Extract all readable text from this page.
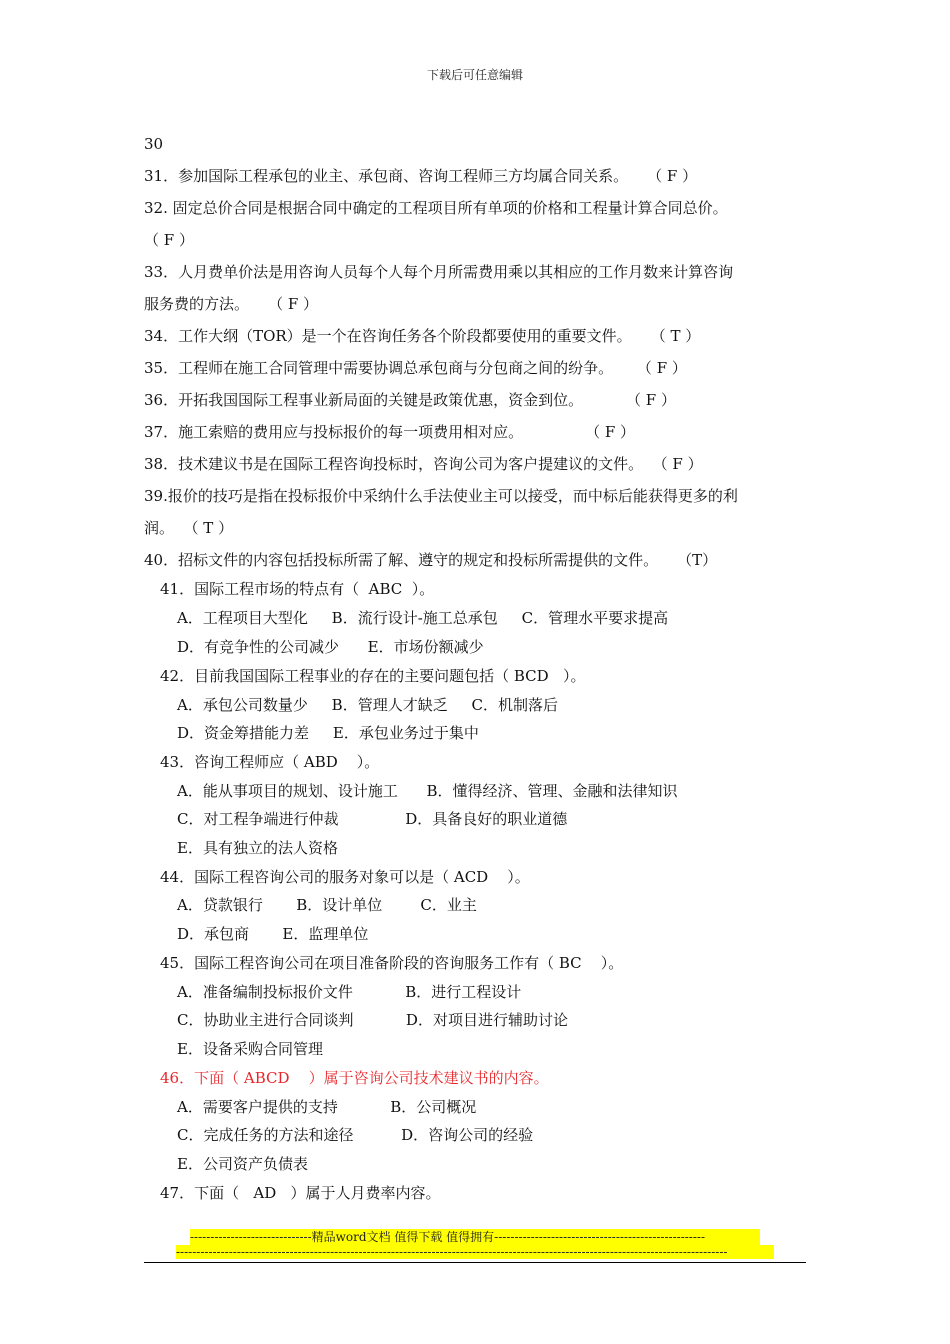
下载后可任意编辑
30
31．参加国际工程承包的业主、承包商、咨询工程师三方均属合同关系。    （ F ）
32. 固定总价合同是根据合同中确定的工程项目所有单项的价格和工程量计算合同总价。
（ F ）
33．人月费单价法是用咨询人员每个人每个月所需费用乘以其相应的工作月数来计算咨询
服务费的方法。    （ F ）
34．工作大纲（TOR）是一个在咨询任务各个阶段都要使用的重要文件。    （ T ）
35．工程师在施工合同管理中需要协调总承包商与分包商之间的纷争。     （ F ）
36．开拓我国国际工程事业新局面的关键是政策优惠，资金到位。         （ F ）
37．施工索赔的费用应与投标报价的每一项费用相对应。             （ F ）
38．技术建议书是在国际工程咨询投标时，咨询公司为客户提建议的文件。  （ F ）
39.报价的技巧是指在投标报价中采纳什么手法使业主可以接受，而中标后能获得更多的利
润。  （ T ）
40．招标文件的内容包括投标所需了解、遵守的规定和投标所需提供的文件。    （T）
41．国际工程市场的特点有（  ABC  ）。
A．工程项目大型化     B．流行设计-施工总承包     C．管理水平要求提高
D．有竞争性的公司减少      E．市场份额减少
42．目前我国国际工程事业的存在的主要问题包括（ BCD   ）。
A．承包公司数量少     B．管理人才缺乏     C．机制落后
D．资金筹措能力差     E．承包业务过于集中
43．咨询工程师应（ ABD    ）。
A．能从事项目的规划、设计施工      B．懂得经济、管理、金融和法律知识
C．对工程争端进行仲裁              D．具备良好的职业道德
E．具有独立的法人资格
44．国际工程咨询公司的服务对象可以是（ ACD    ）。
A．贷款银行       B．设计单位        C．业主
D．承包商       E．监理单位
45．国际工程咨询公司在项目准备阶段的咨询服务工作有（ BC    ）。
A．准备编制投标报价文件           B．进行工程设计
C．协助业主进行合同谈判           D．对项目进行辅助讨论
E．设备采购合同管理
46．下面（ ABCD    ）属于咨询公司技术建议书的内容。
A．需要客户提供的支持           B．公司概况
C．完成任务的方法和途径          D．咨询公司的经验
E．公司资产负债表
47．下面（   AD   ）属于人月费率内容。
------------------------------精品word文档 值得下载 值得拥有----------------------------------------------------
----------------------------------------------------------------------------------------------------------------------------------------
